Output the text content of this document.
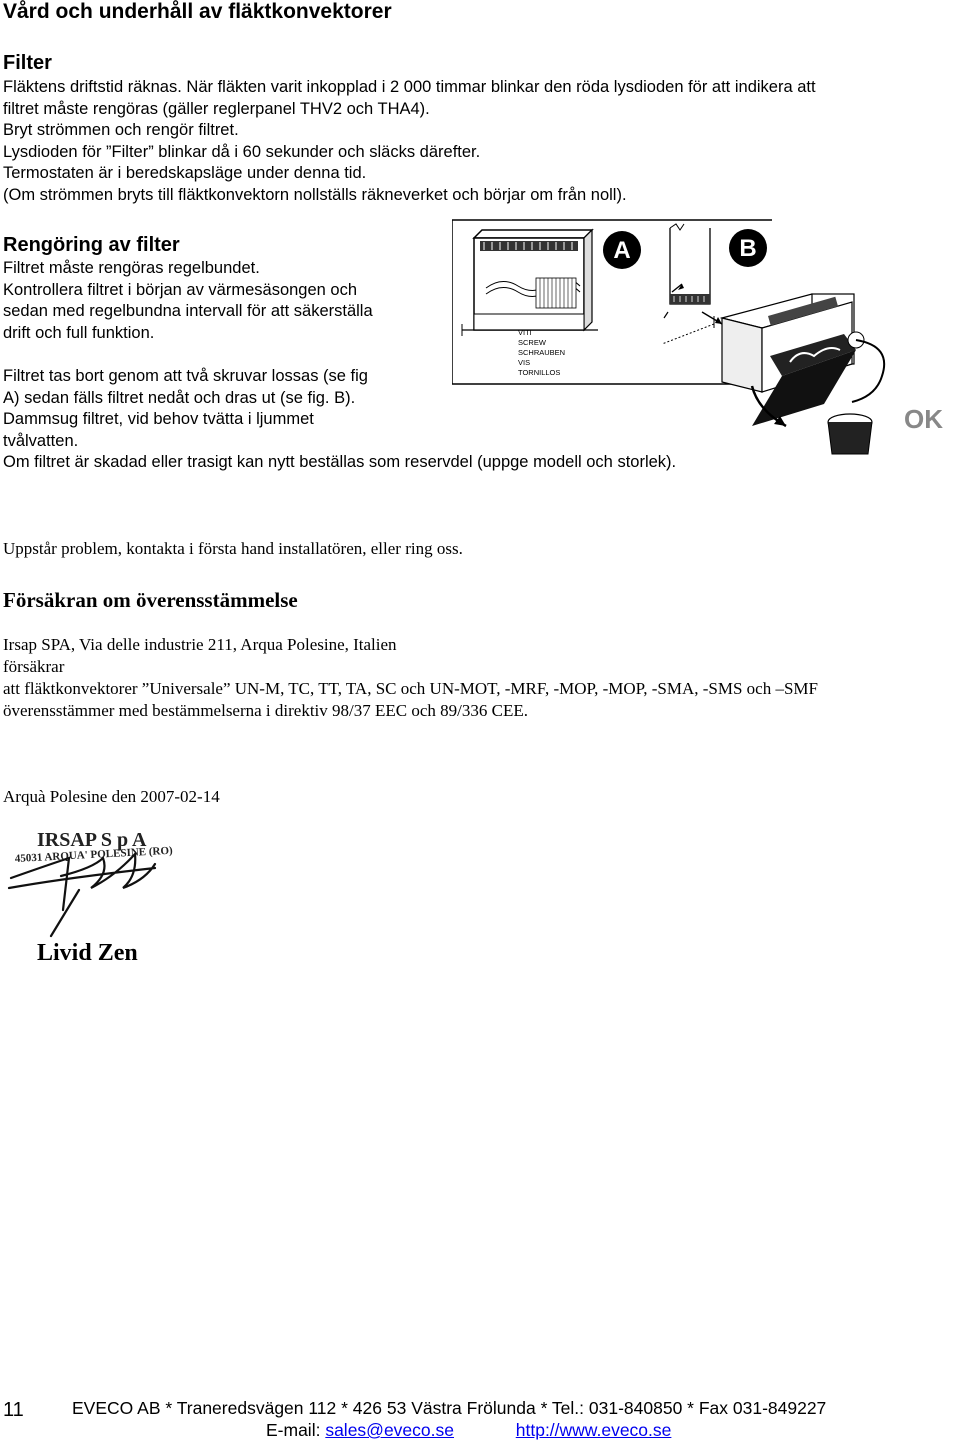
Vård och underhåll av fläktkonvektorer
Filter
Fläktens driftstid räknas. När fläkten varit inkopplad i 2 000 timmar blinkar den röda lysdioden för att indikera att
filtret måste rengöras (gäller reglerpanel THV2 och THA4).
Bryt strömmen och rengör filtret.
Lysdioden för ”Filter” blinkar då i 60 sekunder och släcks därefter.
Termostaten är i beredskapsläge under denna tid.
(Om strömmen bryts till fläktkonvektorn nollställs räkneverket och börjar om från noll).
Rengöring av filter
Filtret måste rengöras regelbundet.
Kontrollera filtret i början av värmesäsongen och
sedan med regelbundna intervall för att säkerställa
drift och full funktion.
Filtret tas bort genom att två skruvar lossas (se fig
A) sedan fälls filtret nedåt och dras ut (se fig. B).
Dammsug filtret, vid behov tvätta i ljummet
tvålvatten.
Om filtret är skadad eller trasigt kan nytt beställas som reservdel (uppge modell och storlek).
A
VITI
SCREW
SCHRAUBEN
VIS
TORNILLOS
B
OK
Uppstår problem, kontakta i första hand installatören, eller ring oss.
Försäkran om överensstämmelse
Irsap SPA, Via delle industrie 211, Arqua Polesine, Italien
försäkrar
att fläktkonvektorer ”Universale” UN-M, TC, TT, TA, SC och UN-MOT, -MRF, -MOP, -MOP, -SMA, -SMS och –SMF
överensstämmer med bestämmelserna i direktiv 98/37 EEC och 89/336 CEE.
Arquà Polesine den 2007-02-14
IRSAP S p A
45031 ARQUA' POLESINE (RO)
Livid Zen
11	EVECO AB * Traneredsvägen 112 * 426 53 Västra Frölunda * Tel.: 031-840850 * Fax 031-849227
E-mail: sales@eveco.se	http://www.eveco.se
